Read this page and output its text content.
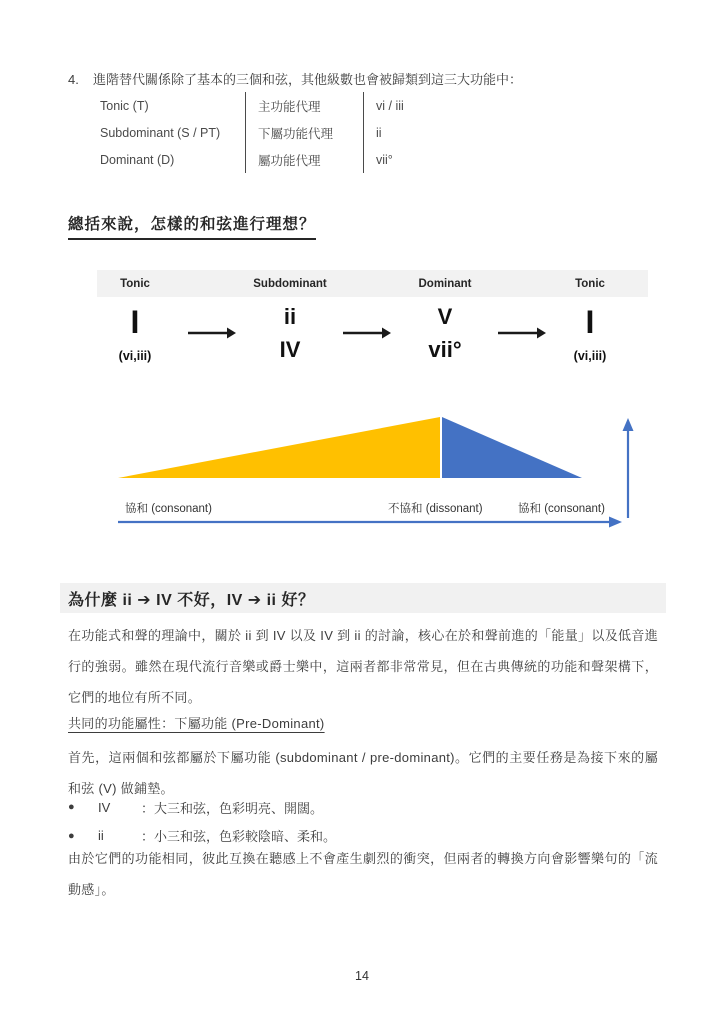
4.	進階替代關係除了基本的三個和弦，其他級數也會被歸類到這三大功能中：
Tonic (T)	主功能代理	vi / iii
Subdominant (S / PT)	下屬功能代理	ii
Dominant (D)	屬功能代理	vii°
總括來說，怎樣的和弦進行理想？
Tonic	Subdominant	Dominant	Tonic
I
(vi,iii)
ii
IV
V
vii°
I
(vi,iii)
協和 (consonant)	不協和 (dissonant)	協和 (consonant)
為什麼 ii ➔ IV 不好，IV ➔ ii 好？
在功能式和聲的理論中，關於 ii 到 IV 以及 IV 到 ii 的討論，核心在於和聲前進的「能量」以及低音進行的強弱。雖然在現代流行音樂或爵士樂中，這兩者都非常常見，但在古典傳統的功能和聲架構下，它們的地位有所不同。
共同的功能屬性：下屬功能 (Pre-Dominant)
首先，這兩個和弦都屬於下屬功能 (subdominant / pre-dominant)。它們的主要任務是為接下來的屬和弦 (V) 做鋪墊。
●	IV	：大三和弦，色彩明亮、開闊。
●	ii	：小三和弦，色彩較陰暗、柔和。
由於它們的功能相同，彼此互換在聽感上不會產生劇烈的衝突，但兩者的轉換方向會影響樂句的「流動感」。
14
